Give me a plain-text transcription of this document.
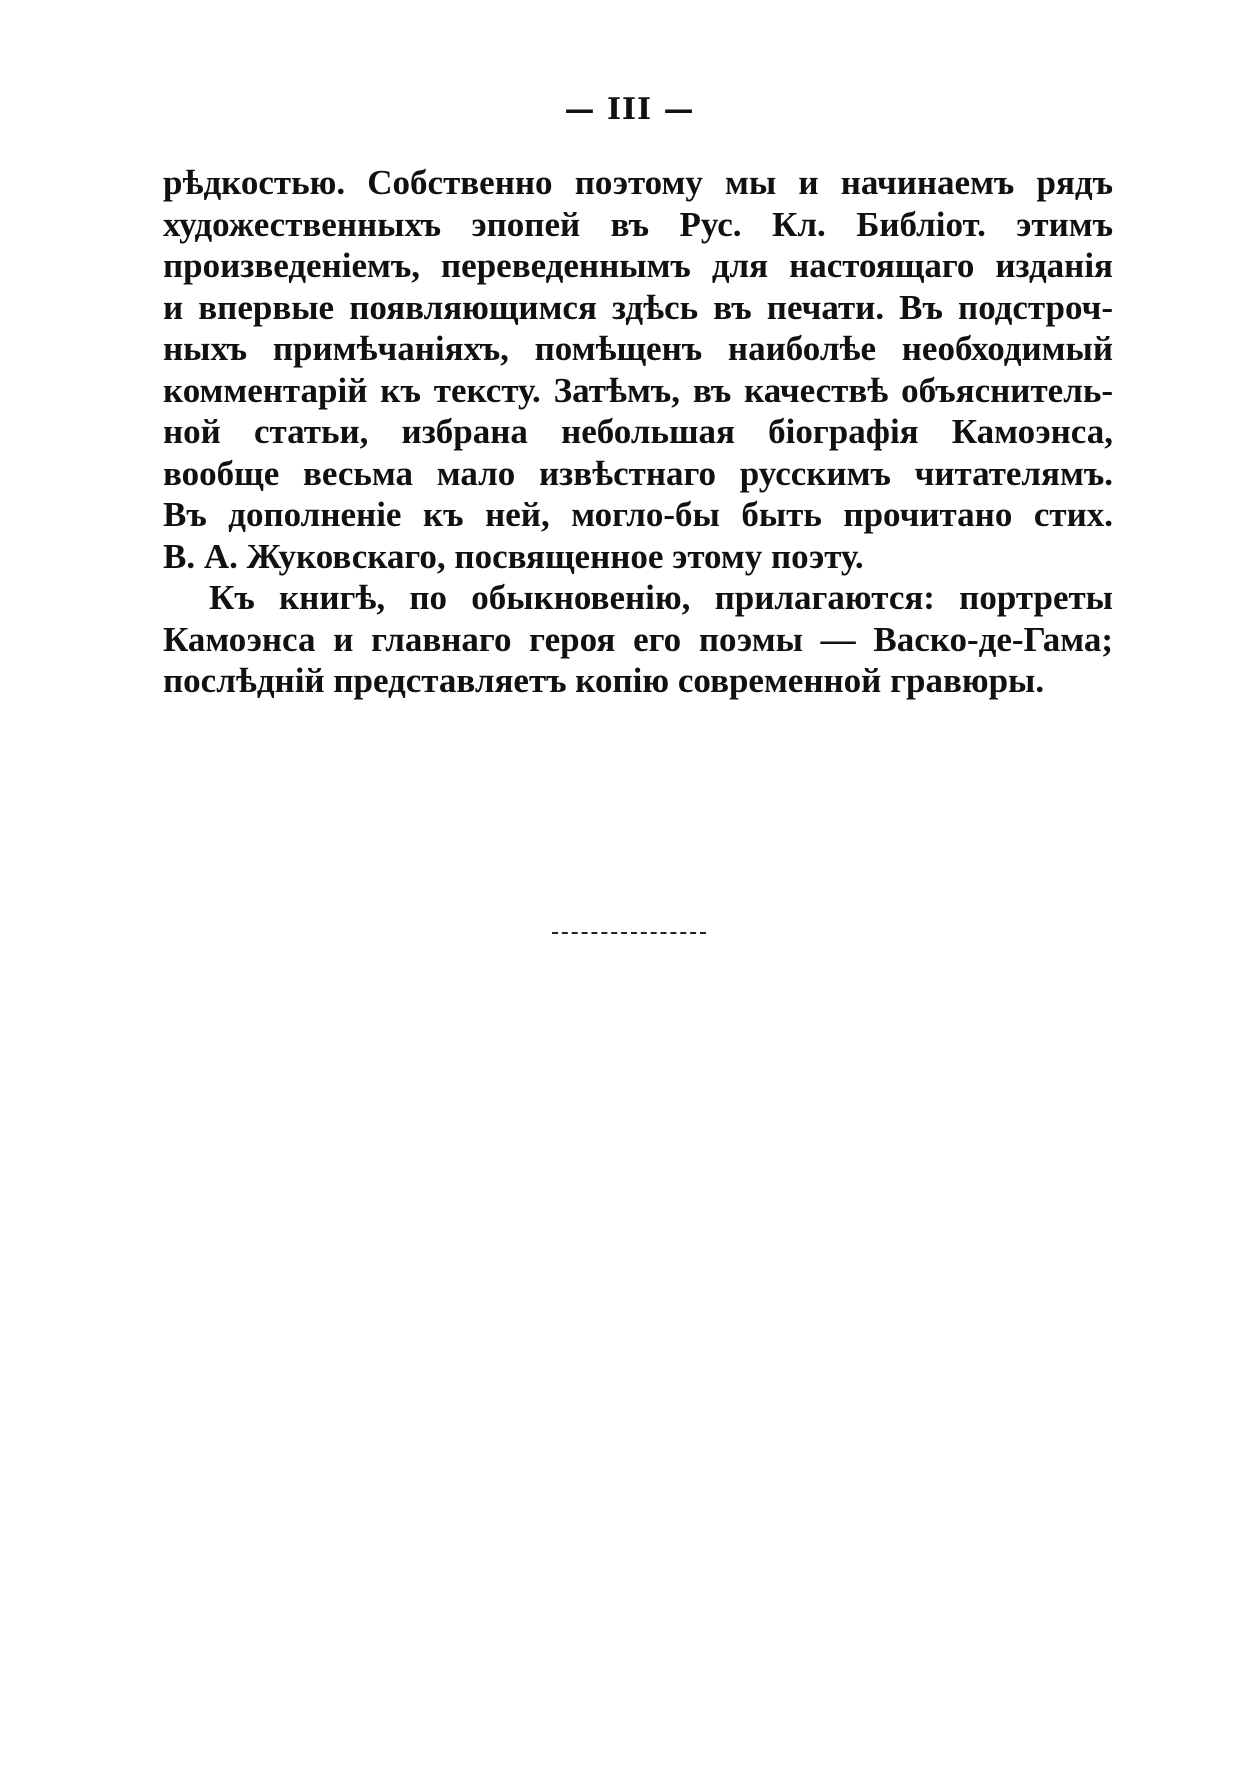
— III —
рѣдкостью. Собственно поэтому мы и начинаемъ рядъ
художественныхъ эпопей въ Рус. Кл. Библiот. этимъ
произведенiемъ, переведеннымъ для настоящаго изданiя
и впервые появляющимся здѣсь въ печати. Въ подстроч-
ныхъ примѣчанiяхъ, помѣщенъ наиболѣе необходимый
комментарiй къ тексту. Затѣмъ, въ качествѣ объяснитель-
ной статьи, избрана небольшая бiографiя Камоэнса,
вообще весьма мало извѣстнаго русскимъ читателямъ.
Въ дополненiе къ ней, могло-бы быть прочитано стих.
В. А. Жуковскаго, посвященное этому поэту.
Къ книгѣ, по обыкновенiю, прилагаются: портреты
Камоэнса и главнаго героя его поэмы — Васко-де-Гама;
послѣднiй представляетъ копiю современной гравюры.
